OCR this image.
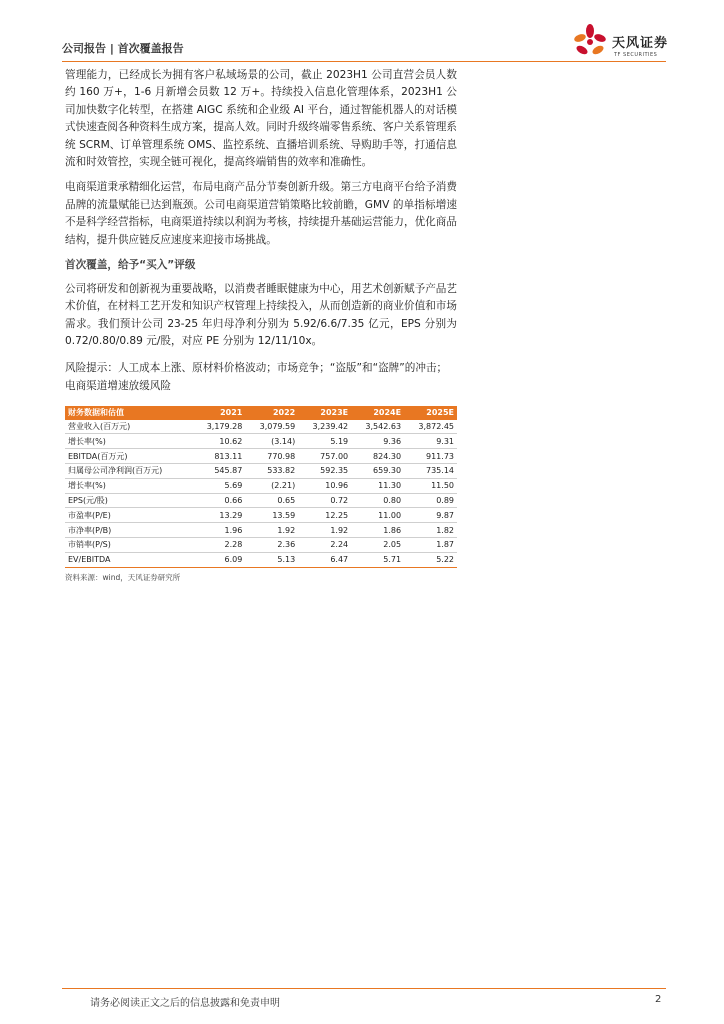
公司报告 | 首次覆盖报告	天风证券
TF SECURITIES

管理能力，已经成长为拥有客户私域场景的公司，截止 2023H1 公司直营会员人数约 160 万+，1-6 月新增会员数 12 万+。持续投入信息化管理体系，2023H1 公司加快数字化转型，在搭建 AIGC 系统和企业级 AI 平台，通过智能机器人的对话模式快速查阅各种资料生成方案，提高人效。同时升级终端零售系统、客户关系管理系统 SCRM、订单管理系统 OMS、监控系统、直播培训系统、导购助手等，打通信息流和时效管控，实现全链可视化，提高终端销售的效率和准确性。

电商渠道秉承精细化运营，布局电商产品分节奏创新升级。第三方电商平台给予消费品牌的流量赋能已达到瓶颈。公司电商渠道营销策略比较前瞻，GMV 的单指标增速不是科学经营指标，电商渠道持续以利润为考核，持续提升基础运营能力，优化商品结构，提升供应链反应速度来迎接市场挑战。

首次覆盖，给予“买入”评级

公司将研发和创新视为重要战略，以消费者睡眠健康为中心，用艺术创新赋予产品艺术价值，在材料工艺开发和知识产权管理上持续投入，从而创造新的商业价值和市场需求。我们预计公司 23-25 年归母净利分别为 5.92/6.6/7.35 亿元，EPS 分别为 0.72/0.80/0.89 元/股，对应 PE 分别为 12/11/10x。

风险提示：人工成本上涨、原材料价格波动；市场竞争；“盗版”和“盗牌”的冲击；电商渠道增速放缓风险

财务数据和估值	2021	2022	2023E	2024E	2025E
营业收入(百万元)	3,179.28	3,079.59	3,239.42	3,542.63	3,872.45
增长率(%)	10.62	(3.14)	5.19	9.36	9.31
EBITDA(百万元)	813.11	770.98	757.00	824.30	911.73
归属母公司净利润(百万元)	545.87	533.82	592.35	659.30	735.14
增长率(%)	5.69	(2.21)	10.96	11.30	11.50
EPS(元/股)	0.66	0.65	0.72	0.80	0.89
市盈率(P/E)	13.29	13.59	12.25	11.00	9.87
市净率(P/B)	1.96	1.92	1.92	1.86	1.82
市销率(P/S)	2.28	2.36	2.24	2.05	1.87
EV/EBITDA	6.09	5.13	6.47	5.71	5.22
资料来源：wind，天风证券研究所
请务必阅读正文之后的信息披露和免责申明	2
